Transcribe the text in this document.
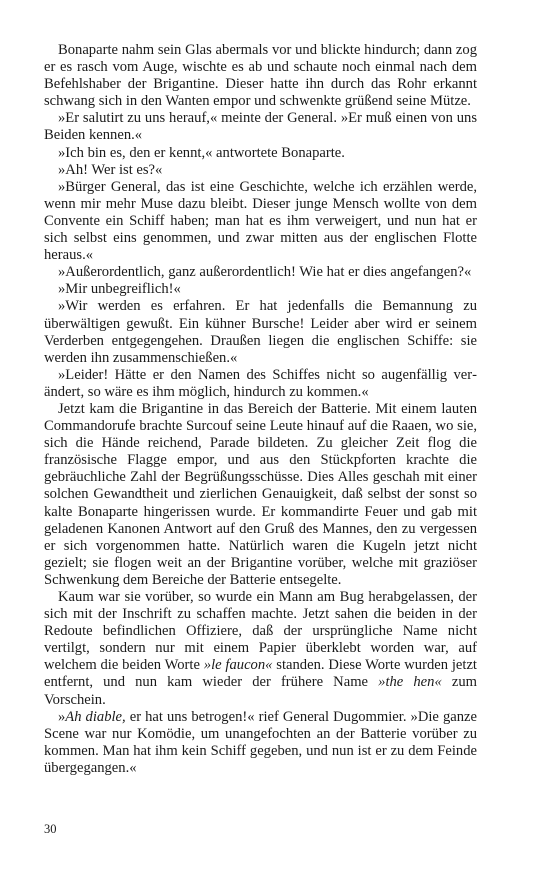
Bonaparte nahm sein Glas abermals vor und blickte hindurch; dann zog er es rasch vom Auge, wischte es ab und schaute noch einmal nach dem Befehlshaber der Brigantine. Dieser hatte ihn durch das Rohr erkannt schwang sich in den Wanten empor und schwenkte grüßend seine Mütze.

»Er salutirt zu uns herauf,« meinte der General. »Er muß einen von uns Beiden kennen.«

»Ich bin es, den er kennt,« antwortete Bonaparte.

»Ah! Wer ist es?«

»Bürger General, das ist eine Geschichte, welche ich erzählen werde, wenn mir mehr Muse dazu bleibt. Dieser junge Mensch wollte von dem Convente ein Schiff haben; man hat es ihm verweigert, und nun hat er sich selbst eins genommen, und zwar mitten aus der englischen Flotte heraus.«

»Außerordentlich, ganz außerordentlich! Wie hat er dies angefangen?«

»Mir unbegreiflich!«

»Wir werden es erfahren. Er hat jedenfalls die Bemannung zu überwältigen gewußt. Ein kühner Bursche! Leider aber wird er seinem Verderben entgegengehen. Draußen liegen die englischen Schiffe: sie werden ihn zusammenschießen.«

»Leider! Hätte er den Namen des Schiffes nicht so augenfällig verändert, so wäre es ihm möglich, hindurch zu kommen.«

Jetzt kam die Brigantine in das Bereich der Batterie. Mit einem lauten Commandorufe brachte Surcouf seine Leute hinauf auf die Raaen, wo sie, sich die Hände reichend, Parade bildeten. Zu gleicher Zeit flog die französische Flagge empor, und aus den Stückpforten krachte die gebräuchliche Zahl der Begrüßungsschüsse. Dies Alles geschah mit einer solchen Gewandtheit und zierlichen Genauigkeit, daß selbst der sonst so kalte Bonaparte hingerissen wurde. Er kommandirte Feuer und gab mit geladenen Kanonen Antwort auf den Gruß des Mannes, den zu vergessen er sich vorgenommen hatte. Natürlich waren die Kugeln jetzt nicht gezielt; sie flogen weit an der Brigantine vorüber, welche mit graziöser Schwenkung dem Bereiche der Batterie entsegelte.

Kaum war sie vorüber, so wurde ein Mann am Bug herabgelassen, der sich mit der Inschrift zu schaffen machte. Jetzt sahen die beiden in der Redoute befindlichen Offiziere, daß der ursprüngliche Name nicht vertilgt, sondern nur mit einem Papier überklebt worden war, auf welchem die beiden Worte »le faucon« standen. Diese Worte wurden jetzt entfernt, und nun kam wieder der frühere Name »the hen« zum Vorschein.

»Ah diable, er hat uns betrogen!« rief General Dugommier. »Die ganze Scene war nur Komödie, um unangefochten an der Batterie vorüber zu kommen. Man hat ihm kein Schiff gegeben, und nun ist er zu dem Feinde übergegangen.«

30
